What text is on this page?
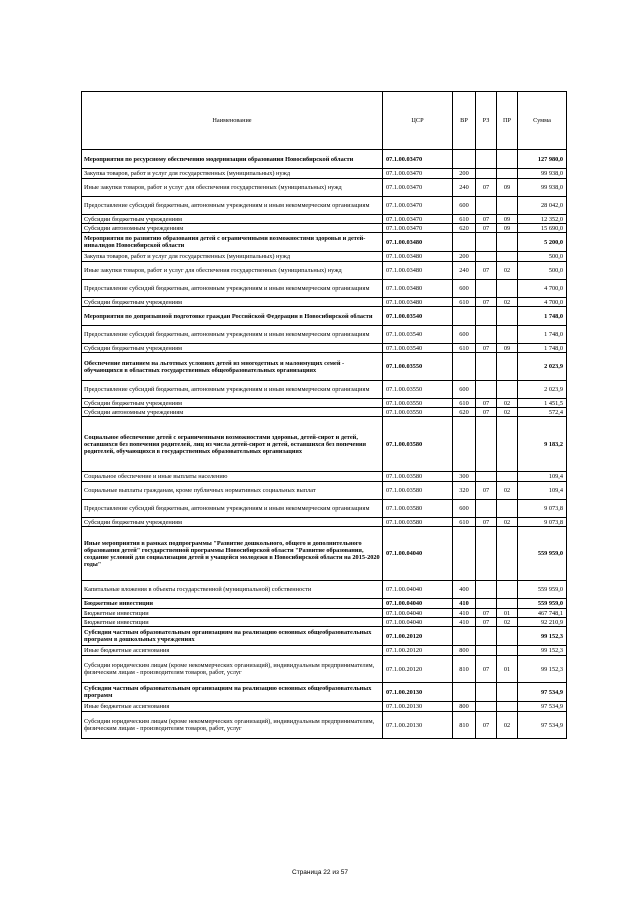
Наименование	ЦСР	ВР	РЗ	ПР	Сумма
Мероприятия по ресурсному обеспечению модернизации образования Новосибирской области	07.1.00.03470				127 980,0
Закупка товаров, работ и услуг для государственных (муниципальных) нужд	07.1.00.03470	200			99 938,0
Иные закупки товаров, работ и услуг для обеспечения государственных (муниципальных) нужд	07.1.00.03470	240	07	09	99 938,0
Предоставление субсидий бюджетным, автономным учреждениям и иным некоммерческим организациям	07.1.00.03470	600			28 042,0
Субсидии бюджетным учреждениям	07.1.00.03470	610	07	09	12 352,0
Субсидии автономным учреждениям	07.1.00.03470	620	07	09	15 690,0
Мероприятия по развитию образования детей с ограниченными возможностями здоровья и детей-инвалидов Новосибирской области	07.1.00.03480				5 200,0
Закупка товаров, работ и услуг для государственных (муниципальных) нужд	07.1.00.03480	200			500,0
Иные закупки товаров, работ и услуг для обеспечения государственных (муниципальных) нужд	07.1.00.03480	240	07	02	500,0
Предоставление субсидий бюджетным, автономным учреждениям и иным некоммерческим организациям	07.1.00.03480	600			4 700,0
Субсидии бюджетным учреждениям	07.1.00.03480	610	07	02	4 700,0
Мероприятия по допризывной подготовке граждан Российской Федерации в Новосибирской области	07.1.00.03540				1 748,0
Предоставление субсидий бюджетным, автономным учреждениям и иным некоммерческим организациям	07.1.00.03540	600			1 748,0
Субсидии бюджетным учреждениям	07.1.00.03540	610	07	09	1 748,0
Обеспечение питанием на льготных условиях детей из многодетных и малоимущих семей - обучающихся в областных государственных общеобразовательных организациях	07.1.00.03550				2 023,9
Предоставление субсидий бюджетным, автономным учреждениям и иным некоммерческим организациям	07.1.00.03550	600			2 023,9
Субсидии бюджетным учреждениям	07.1.00.03550	610	07	02	1 451,5
Субсидии автономным учреждениям	07.1.00.03550	620	07	02	572,4
Социальное обеспечение детей с ограниченными возможностями здоровья, детей-сирот и детей, оставшихся без попечения родителей, лиц из числа детей-сирот и детей, оставшихся без попечения родителей, обучающихся в государственных образовательных организациях	07.1.00.03580				9 183,2
Социальное обеспечение и иные выплаты населению	07.1.00.03580	300			109,4
Социальные выплаты гражданам, кроме публичных нормативных социальных выплат	07.1.00.03580	320	07	02	109,4
Предоставление субсидий бюджетным, автономным учреждениям и иным некоммерческим организациям	07.1.00.03580	600			9 073,8
Субсидии бюджетным учреждениям	07.1.00.03580	610	07	02	9 073,8
Иные мероприятия в рамках подпрограммы "Развитие дошкольного, общего и дополнительного образования детей" государственной программы Новосибирской области "Развитие образования, создание условий для социализации детей и учащейся молодежи в Новосибирской области на 2015-2020 годы"	07.1.00.04040				559 959,0
Капитальные вложения в объекты государственной (муниципальной) собственности	07.1.00.04040	400			559 959,0
Бюджетные инвестиции	07.1.00.04040	410			559 959,0
Бюджетные инвестиции	07.1.00.04040	410	07	01	467 748,1
Бюджетные инвестиции	07.1.00.04040	410	07	02	92 210,9
Субсидии частным образовательным организациям на реализацию основных общеобразовательных программ в дошкольных учреждениях	07.1.00.20120				99 152,3
Иные бюджетные ассигнования	07.1.00.20120	800			99 152,3
Субсидии юридическим лицам (кроме некоммерческих организаций), индивидуальным предпринимателям, физическим лицам - производителям товаров, работ, услуг	07.1.00.20120	810	07	01	99 152,3
Субсидии частным образовательным организациям на реализацию основных общеобразовательных программ	07.1.00.20130				97 534,9
Иные бюджетные ассигнования	07.1.00.20130	800			97 534,9
Субсидии юридическим лицам (кроме некоммерческих организаций), индивидуальным предпринимателям, физическим лицам - производителям товаров, работ, услуг	07.1.00.20130	810	07	02	97 534,9
Страница 22 из 57
